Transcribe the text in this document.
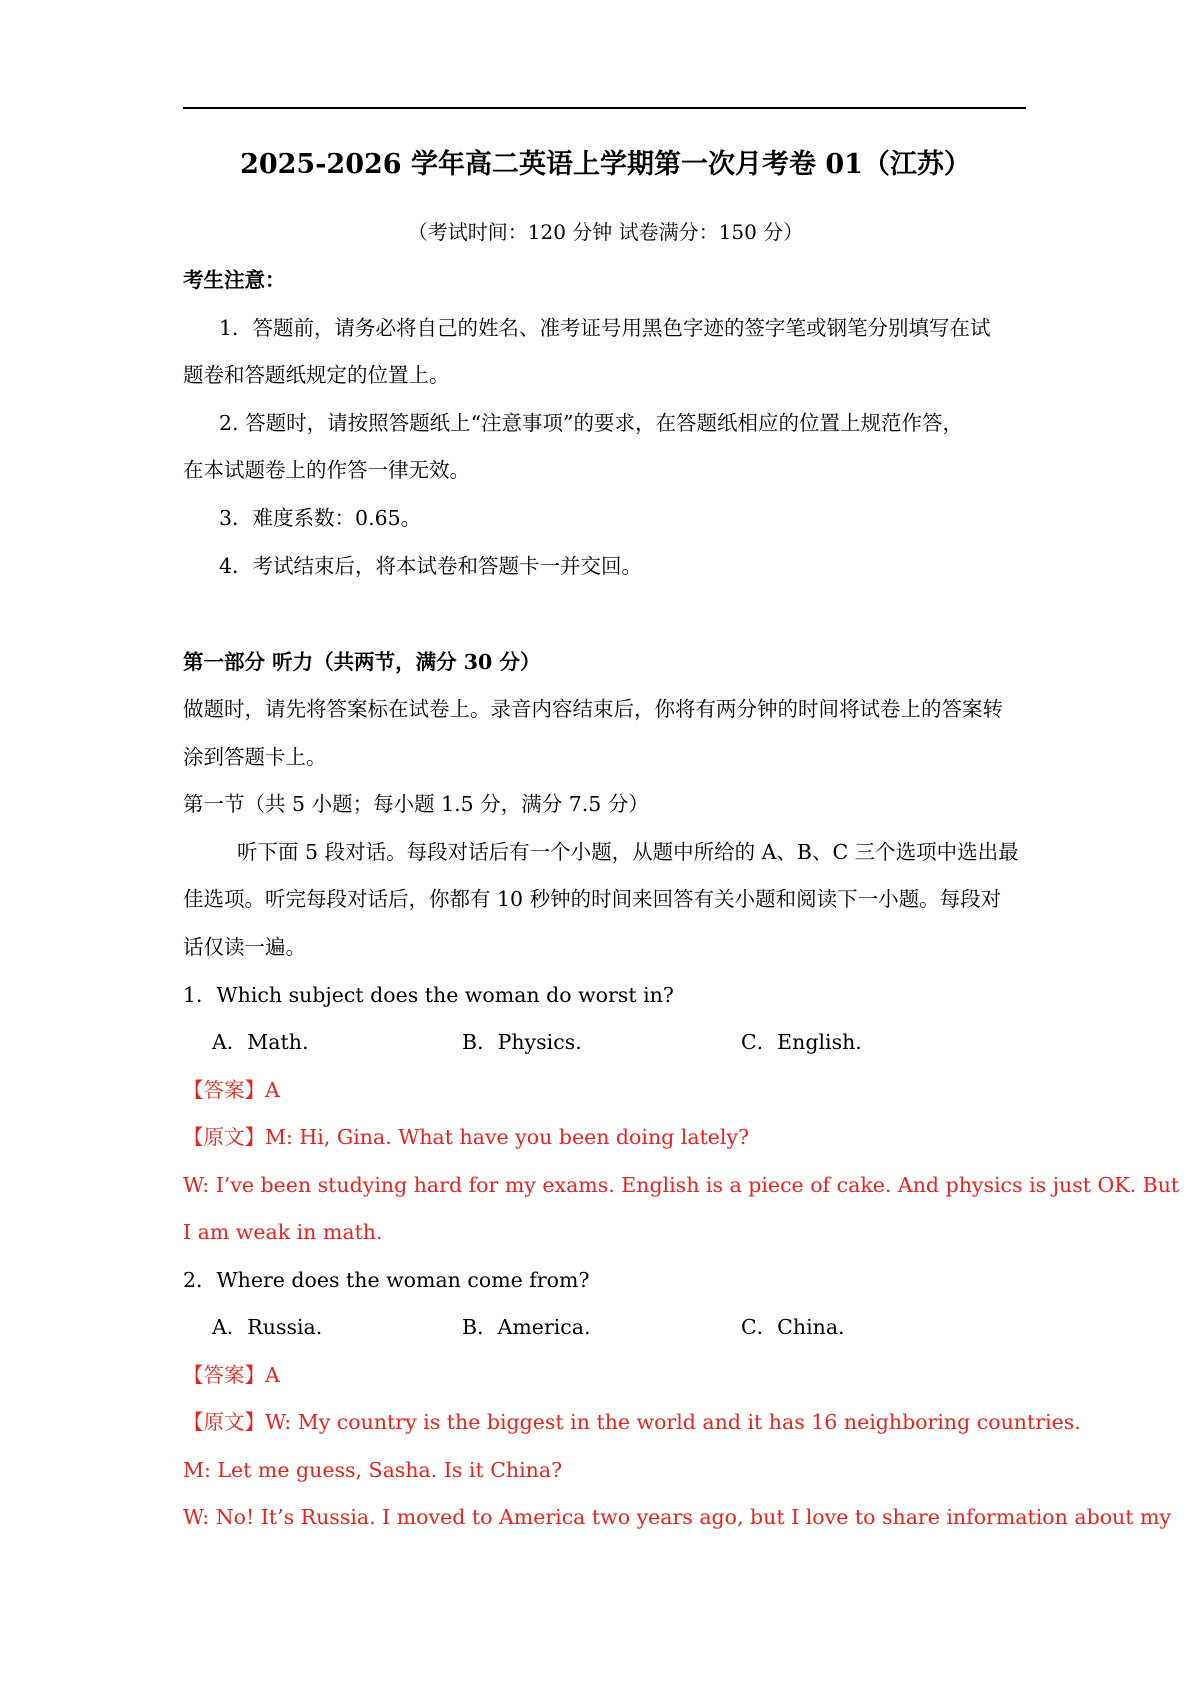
2025-2026 学年高二英语上学期第一次月考卷 01（江苏）
（考试时间：120 分钟 试卷满分：150 分）
考生注意：
1．答题前，请务必将自己的姓名、准考证号用黑色字迹的签字笔或钢笔分别填写在试
题卷和答题纸规定的位置上。
2. 答题时，请按照答题纸上“注意事项”的要求，在答题纸相应的位置上规范作答，
在本试题卷上的作答一律无效。
3．难度系数：0.65。
4．考试结束后，将本试卷和答题卡一并交回。
第一部分 听力（共两节，满分 30 分）
做题时，请先将答案标在试卷上。录音内容结束后，你将有两分钟的时间将试卷上的答案转
涂到答题卡上。
第一节（共 5 小题；每小题 1.5 分，满分 7.5 分）
听下面 5 段对话。每段对话后有一个小题，从题中所给的 A、B、C 三个选项中选出最
佳选项。听完每段对话后，你都有 10 秒钟的时间来回答有关小题和阅读下一小题。每段对
话仅读一遍。
1．Which subject does the woman do worst in?
A．Math.	B．Physics.	C．English.
【答案】A
【原文】M: Hi, Gina. What have you been doing lately?
W: I’ve been studying hard for my exams. English is a piece of cake. And physics is just OK. But
I am weak in math.
2．Where does the woman come from?
A．Russia.	B．America.	C．China.
【答案】A
【原文】W: My country is the biggest in the world and it has 16 neighboring countries.
M: Let me guess, Sasha. Is it China?
W: No! It’s Russia. I moved to America two years ago, but I love to share information about my
